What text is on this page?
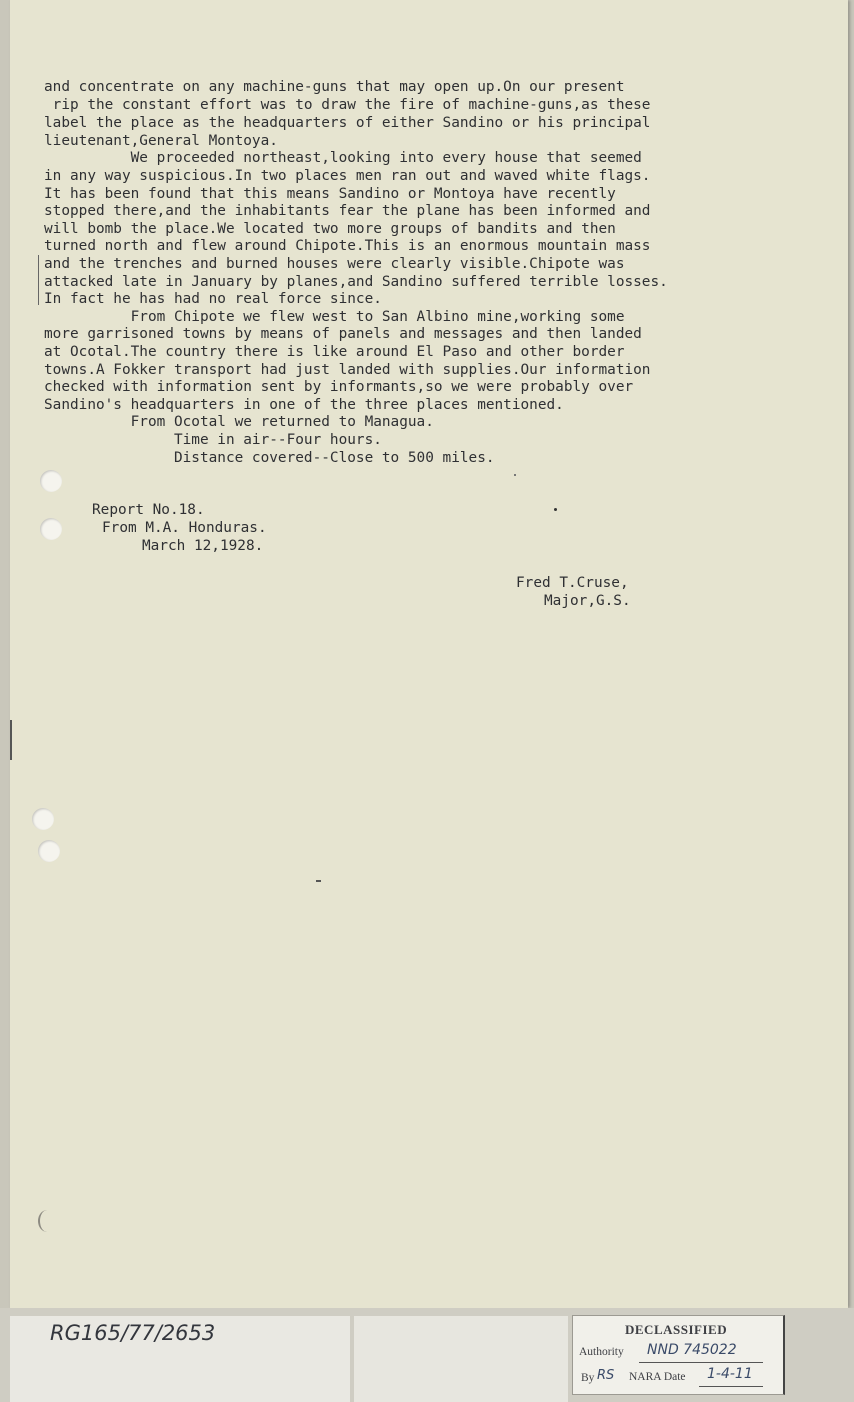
and concentrate on any machine-guns that may open up.On our present
rip the constant effort was to draw the fire of machine-guns,as these
label the place as the headquarters of either Sandino or his principal
lieutenant,General Montoya.
We proceeded northeast,looking into every house that seemed
in any way suspicious.In two places men ran out and waved white flags.
It has been found that this means Sandino or Montoya have recently
stopped there,and the inhabitants fear the plane has been informed and
will bomb the place.We located two more groups of bandits and then
turned north and flew around Chipote.This is an enormous mountain mass
and the trenches and burned houses were clearly visible.Chipote was
attacked late in January by planes,and Sandino suffered terrible losses.
In fact he has had no real force since.
From Chipote we flew west to San Albino mine,working some
more garrisoned towns by means of panels and messages and then landed
at Ocotal.The country there is like around El Paso and other border
towns.A Fokker transport had just landed with supplies.Our information
checked with information sent by informants,so we were probably over
Sandino's headquarters in one of the three places mentioned.
From Ocotal we returned to Managua.
Time in air--Four hours.
Distance covered--Close to 500 miles.
Report No.18.
From M.A. Honduras.
March 12,1928.
Fred T.Cruse,
Major,G.S.
RG165/77/2653	DECLASSIFIED
Authority NND 745022
By RS NARA Date 1-4-11
